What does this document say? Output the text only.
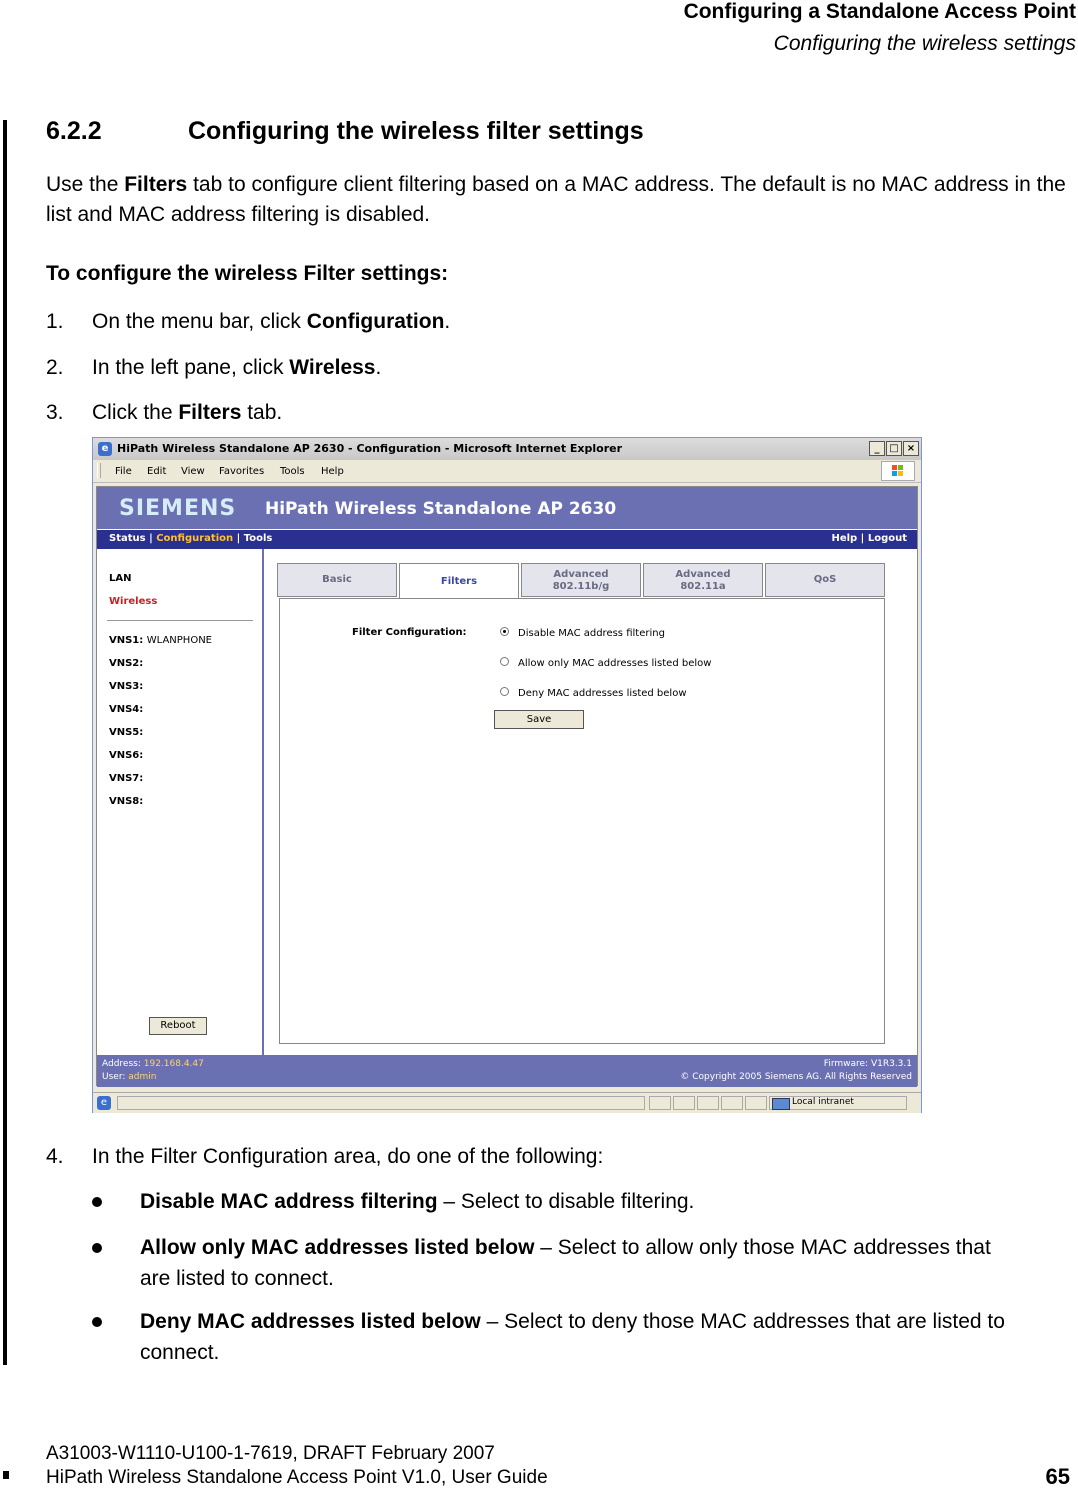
Configuring a Standalone Access Point
Configuring the wireless settings
6.2.2	Configuring the wireless filter settings
Use the Filters tab to configure client filtering based on a MAC address. The default is no MAC address in the list and MAC address filtering is disabled.
To configure the wireless Filter settings:
1. On the menu bar, click Configuration.
2. In the left pane, click Wireless.
3. Click the Filters tab.
e HiPath Wireless Standalone AP 2630 - Configuration - Microsoft Internet Explorer	_ □ ×
File Edit View Favorites Tools Help
SIEMENS HiPath Wireless Standalone AP 2630
Status | Configuration | Tools	Help | Logout
LAN
Wireless
VNS1: WLANPHONE
VNS2:
VNS3:
VNS4:
VNS5:
VNS6:
VNS7:
VNS8:
Reboot
Basic	Filters
Advanced
802.11b/g
Advanced
802.11a
QoS
Filter Configuration:	Disable MAC address filtering
Allow only MAC addresses listed below
Deny MAC addresses listed below
Save
Address: 192.168.4.47
User: admin
Firmware: V1R3.3.1
© Copyright 2005 Siemens AG. All Rights Reserved
e	Local intranet
4. In the Filter Configuration area, do one of the following:
Disable MAC address filtering – Select to disable filtering.
Allow only MAC addresses listed below – Select to allow only those MAC addresses that are listed to connect.
Deny MAC addresses listed below – Select to deny those MAC addresses that are listed to connect.
A31003-W1110-U100-1-7619, DRAFT February 2007
HiPath Wireless Standalone Access Point V1.0, User Guide	65
